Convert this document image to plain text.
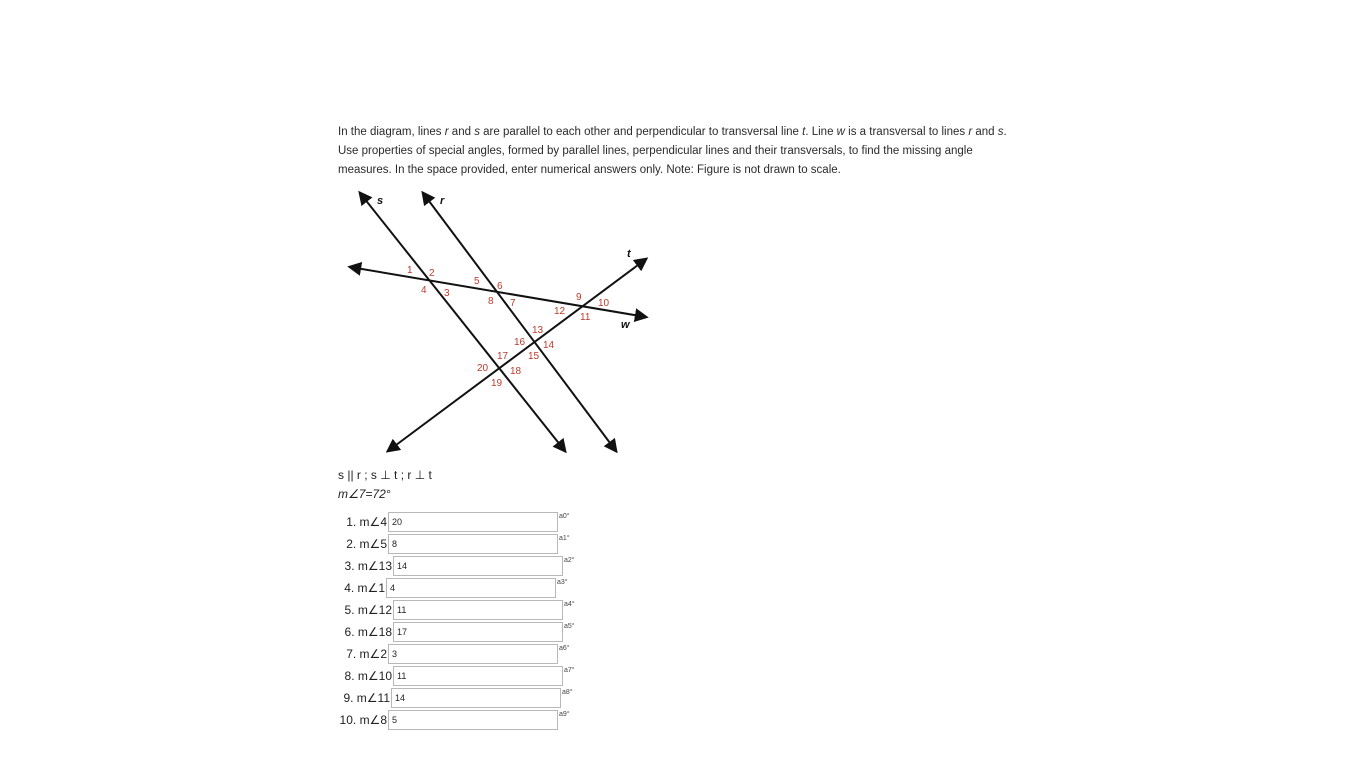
In the diagram, lines r and s are parallel to each other and perpendicular to transversal line t. Line w is a transversal to lines r and s. Use properties of special angles, formed by parallel lines, perpendicular lines and their transversals, to find the missing angle measures. In the space provided, enter numerical answers only. Note: Figure is not drawn to scale.
s	r
t
w
1 2
3
4
5 6
7
8	9
10
11
12
13
14
15
16
17
18
19
20
s || r ; s ⊥ t ; r ⊥ t
m∠7=72°
1. m∠4
20	a0°
2. m∠5
8	a1°
3. m∠13
14	a2°
4. m∠1
4	a3°
5. m∠12
11	a4°
6. m∠18
17	a5°
7. m∠2
3	a6°
8. m∠10
11	a7°
9. m∠11
14	a8°
10. m∠8
5	a9°
